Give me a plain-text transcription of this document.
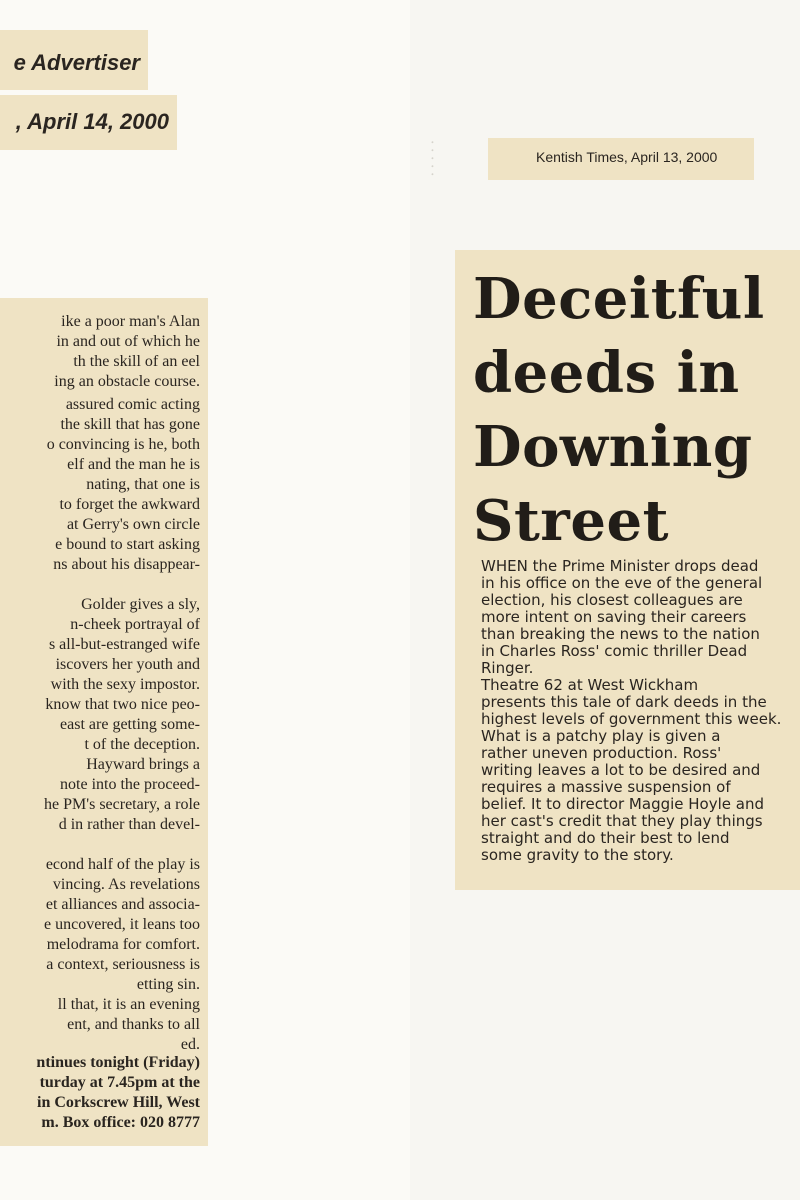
· · · · ·
e Advertiser
, April 14, 2000
ike a poor man's Alan
in and out of which he
th the skill of an eel
ing an obstacle course.
assured comic acting
the skill that has gone
o convincing is he, both
elf and the man he is
nating, that one is
to forget the awkward
at Gerry's own circle
e bound to start asking
ns about his disappear-
Golder gives a sly,
n-cheek portrayal of
s all-but-estranged wife
iscovers her youth and
with the sexy impostor.
know that two nice peo-
east are getting some-
t of the deception.
Hayward brings a
note into the proceed-
he PM's secretary, a role
d in rather than devel-
econd half of the play is
vincing. As revelations
et alliances and associa-
e uncovered, it leans too
melodrama for comfort.
a context, seriousness is
etting sin.
ll that, it is an evening
ent, and thanks to all
ed.
ntinues tonight (Friday)
turday at 7.45pm at the
in Corkscrew Hill, West
m. Box office: 020 8777
Kentish Times, April 13, 2000
Deceitful
deeds in
Downing
Street

WHEN the Prime Minister drops dead
in his office on the eve of the general
election, his closest colleagues are
more intent on saving their careers
than breaking the news to the nation
in Charles Ross' comic thriller Dead
Ringer.

Theatre 62 at West Wickham
presents this tale of dark deeds in the
highest levels of government this week.

What is a patchy play is given a
rather uneven production. Ross'
writing leaves a lot to be desired and
requires a massive suspension of
belief. It to director Maggie Hoyle and
her cast's credit that they play things
straight and do their best to lend
some gravity to the story.
